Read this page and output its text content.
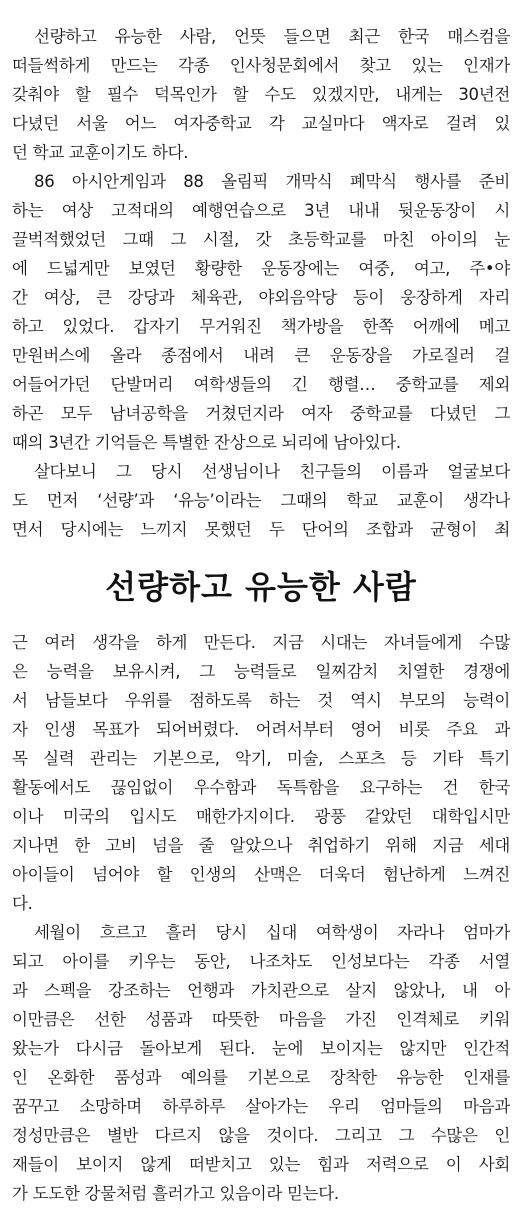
선량하고 유능한 사람, 언뜻 들으면 최근 한국 매스컴을
떠들썩하게 만드는 각종 인사청문회에서 찾고 있는 인재가
갖춰야 할 필수 덕목인가 할 수도 있겠지만, 내게는 30년전
다녔던 서울 어느 여자중학교 각 교실마다 액자로 걸려 있
던 학교 교훈이기도 하다.
86 아시안게임과 88 올림픽 개막식 폐막식 행사를 준비
하는 여상 고적대의 예행연습으로 3년 내내 뒷운동장이 시
끌벅적했었던 그때 그 시절, 갓 초등학교를 마친 아이의 눈
에 드넓게만 보였던 황량한 운동장에는 여중, 여고, 주•야
간 여상, 큰 강당과 체육관, 야외음악당 등이 웅장하게 자리
하고 있었다. 갑자기 무거워진 책가방을 한쪽 어깨에 메고
만원버스에 올라 종점에서 내려 큰 운동장을 가로질러 걸
어들어가던 단발머리 여학생들의 긴 행렬… 중학교를 제외
하곤 모두 남녀공학을 거쳤던지라 여자 중학교를 다녔던 그
때의 3년간 기억들은 특별한 잔상으로 뇌리에 남아있다.
살다보니 그 당시 선생님이나 친구들의 이름과 얼굴보다
도 먼저 ‘선량’과 ‘유능’이라는 그때의 학교 교훈이 생각나
면서 당시에는 느끼지 못했던 두 단어의 조합과 균형이 최
선량하고 유능한 사람
근 여러 생각을 하게 만든다. 지금 시대는 자녀들에게 수많
은 능력을 보유시켜, 그 능력들로 일찌감치 치열한 경쟁에
서 남들보다 우위를 점하도록 하는 것 역시 부모의 능력이
자 인생 목표가 되어버렸다. 어려서부터 영어 비롯 주요 과
목 실력 관리는 기본으로, 악기, 미술, 스포츠 등 기타 특기
활동에서도 끊임없이 우수함과 독특함을 요구하는 건 한국
이나 미국의 입시도 매한가지이다. 광풍 같았던 대학입시만
지나면 한 고비 넘을 줄 알았으나 취업하기 위해 지금 세대
아이들이 넘어야 할 인생의 산맥은 더욱더 험난하게 느껴진
다.
세월이 흐르고 흘러 당시 십대 여학생이 자라나 엄마가
되고 아이를 키우는 동안, 나조차도 인성보다는 각종 서열
과 스펙을 강조하는 언행과 가치관으로 살지 않았나, 내 아
이만큼은 선한 성품과 따뜻한 마음을 가진 인격체로 키워
왔는가 다시금 돌아보게 된다. 눈에 보이지는 않지만 인간적
인 온화한 품성과 예의를 기본으로 장착한 유능한 인재를
꿈꾸고 소망하며 하루하루 살아가는 우리 엄마들의 마음과
정성만큼은 별반 다르지 않을 것이다. 그리고 그 수많은 인
재들이 보이지 않게 떠받치고 있는 힘과 저력으로 이 사회
가 도도한 강물처럼 흘러가고 있음이라 믿는다.
